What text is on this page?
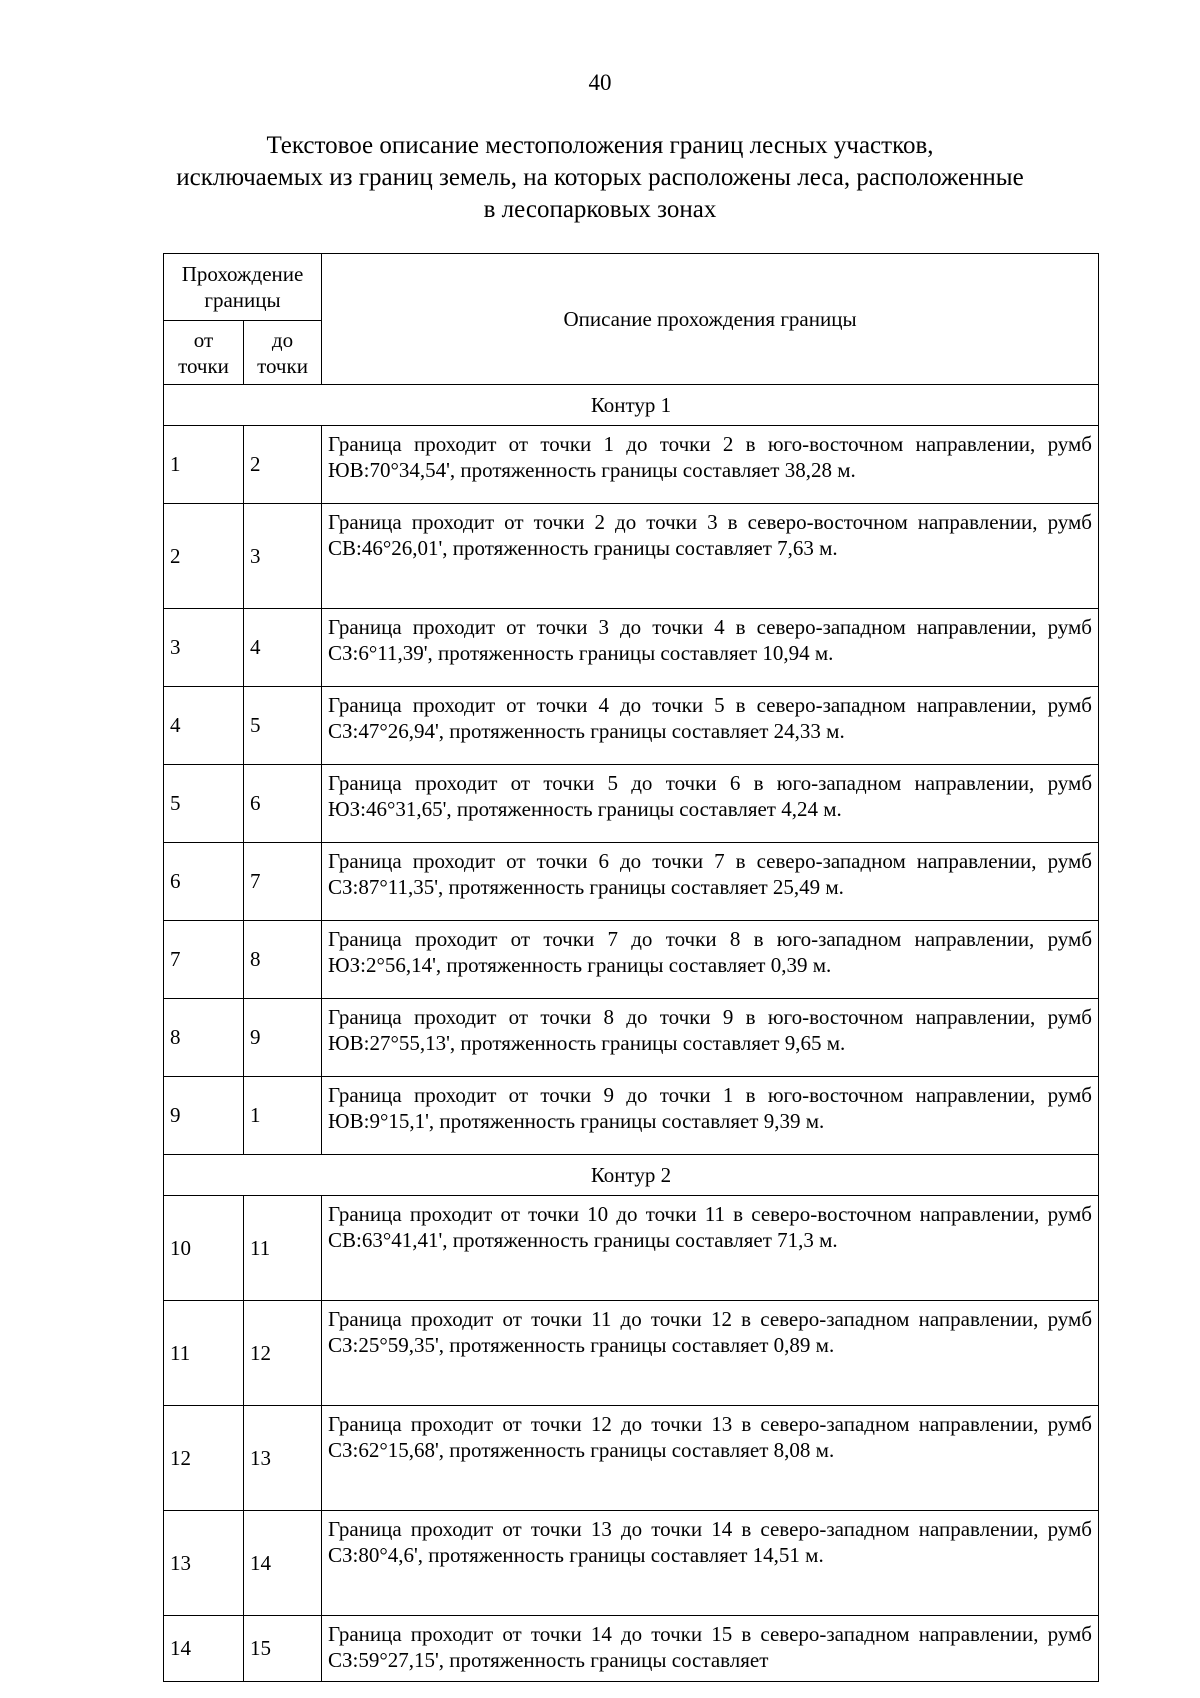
40
Текстовое описание местоположения границ лесных участков,
исключаемых из границ земель, на которых расположены леса, расположенные
в лесопарковых зонах
Прохождение
границы		Описание прохождения границы

от
точки	до
точки	

Контур 1		
1	2	Граница проходит от точки 1 до точки 2 в юго-восточном направлении, румб ЮВ:70°34,54', протяженность границы составляет 38,28 м.
2	3	Граница проходит от точки 2 до точки 3 в северо-восточном направлении, румб СВ:46°26,01', протяженность границы составляет 7,63 м.
3	4	Граница проходит от точки 3 до точки 4 в северо-западном направлении, румб СЗ:6°11,39', протяженность границы составляет 10,94 м.
4	5	Граница проходит от точки 4 до точки 5 в северо-западном направлении, румб СЗ:47°26,94', протяженность границы составляет 24,33 м.
5	6	Граница проходит от точки 5 до точки 6 в юго-западном направлении, румб ЮЗ:46°31,65', протяженность границы составляет 4,24 м.
6	7	Граница проходит от точки 6 до точки 7 в северо-западном направлении, румб СЗ:87°11,35', протяженность границы составляет 25,49 м.
7	8	Граница проходит от точки 7 до точки 8 в юго-западном направлении, румб ЮЗ:2°56,14', протяженность границы составляет 0,39 м.
8	9	Граница проходит от точки 8 до точки 9 в юго-восточном направлении, румб ЮВ:27°55,13', протяженность границы составляет 9,65 м.
9	1	Граница проходит от точки 9 до точки 1 в юго-восточном направлении, румб ЮВ:9°15,1', протяженность границы составляет 9,39 м.
Контур 2		
10	11	Граница проходит от точки 10 до точки 11 в северо-восточном направлении, румб СВ:63°41,41', протяженность границы составляет 71,3 м.
11	12	Граница проходит от точки 11 до точки 12 в северо-западном направлении, румб СЗ:25°59,35', протяженность границы составляет 0,89 м.
12	13	Граница проходит от точки 12 до точки 13 в северо-западном направлении, румб СЗ:62°15,68', протяженность границы составляет 8,08 м.
13	14	Граница проходит от точки 13 до точки 14 в северо-западном направлении, румб СЗ:80°4,6', протяженность границы составляет 14,51 м.
14	15	Граница проходит от точки 14 до точки 15 в северо-западном направлении, румб СЗ:59°27,15', протяженность границы составляет
